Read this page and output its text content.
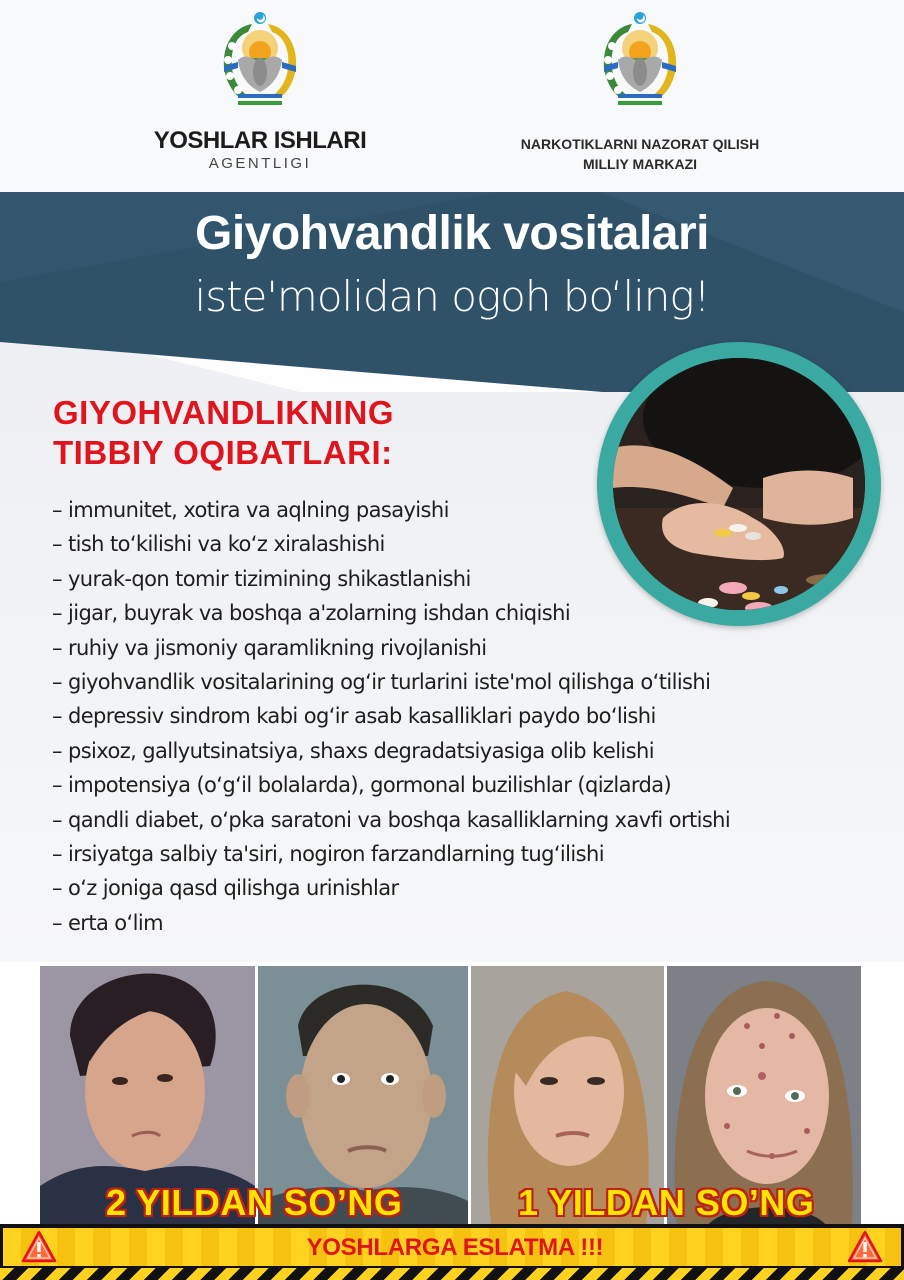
YOSHLAR ISHLARI
AGENTLIGI
NARKOTIKLARNI NAZORAT QILISH
MILLIY MARKAZI
Giyohvandlik vositalari
iste'molidan ogoh bo‘ling!
GIYOHVANDLIKNING
TIBBIY OQIBATLARI:
– immunitet, xotira va aqlning pasayishi
– tish to‘kilishi va ko‘z xiralashishi
– yurak-qon tomir tizimining shikastlanishi
– jigar, buyrak va boshqa a'zolarning ishdan chiqishi
– ruhiy va jismoniy qaramlikning rivojlanishi
– giyohvandlik vositalarining og‘ir turlarini iste'mol qilishga o‘tilishi
– depressiv sindrom kabi og‘ir asab kasalliklari paydo bo‘lishi
– psixoz, gallyutsinatsiya, shaxs degradatsiyasiga olib kelishi
– impotensiya (o‘g‘il bolalarda), gormonal buzilishlar (qizlarda)
– qandli diabet, o‘pka saratoni va boshqa kasalliklarning xavfi ortishi
– irsiyatga salbiy ta'siri, nogiron farzandlarning tug‘ilishi
– o‘z joniga qasd qilishga urinishlar
– erta o‘lim
2 YILDAN SO’NG	1 YILDAN SO’NG
YOSHLARGA ESLATMA !!!
